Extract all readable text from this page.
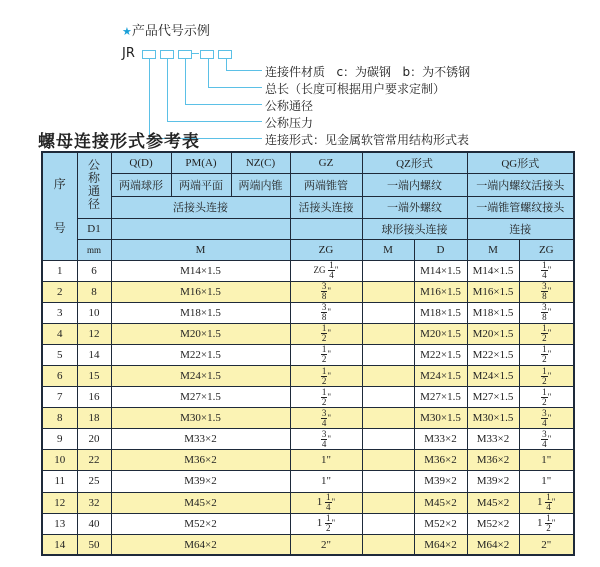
★产品代号示例
JR
连接件材质   c：为碳钢   b：为不锈钢
总长（长度可根据用户要求定制）
公称通径
公称压力
螺母连接形式参考表
序号	公称通径	Q(D)	PM(A)	NZ(C)	GZ	QZ形式		QG形式	
		两端球形	两端平面	两端内锥	两端锥管	一端内螺纹		一端内螺纹活接头	
		活接头连接			活接头连接	一端外螺纹		一端锥管螺纹接头	
	D1					球形接头连接		连接	
	mm	M			ZG	M	D	M	ZG
1	6	M14×1.5			ZG $\frac{1}{4}$ "		M14×1.5	M14×1.5	$\frac{1}{4}$ "
2	8	M16×1.5			$\frac{3}{8}$ "		M16×1.5	M16×1.5	$\frac{3}{8}$ "
3	10	M18×1.5			$\frac{3}{8}$ "		M18×1.5	M18×1.5	$\frac{3}{8}$ "
4	12	M20×1.5			$\frac{1}{2}$ "		M20×1.5	M20×1.5	$\frac{1}{2}$ "
5	14	M22×1.5			$\frac{1}{2}$ "		M22×1.5	M22×1.5	$\frac{1}{2}$ "
6	15	M24×1.5			$\frac{1}{2}$ "		M24×1.5	M24×1.5	$\frac{1}{2}$ "
7	16	M27×1.5			$\frac{1}{2}$ "		M27×1.5	M27×1.5	$\frac{1}{2}$ "
8	18	M30×1.5			$\frac{3}{4}$ "		M30×1.5	M30×1.5	$\frac{3}{4}$ "
9	20	M33×2			$\frac{3}{4}$ "		M33×2	M33×2	$\frac{3}{4}$ "
10	22	M36×2			1"		M36×2	M36×2	1"
11	25	M39×2			1"		M39×2	M39×2	1"
12	32	M45×2			$1 \frac{1}{4}$ "		M45×2	M45×2	$1 \frac{1}{4}$ "
13	40	M52×2			$1 \frac{1}{2}$ "		M52×2	M52×2	$1 \frac{1}{2}$ "
14	50	M64×2			2"		M64×2	M64×2	2"
连接形式：见金属软管常用结构形式表
